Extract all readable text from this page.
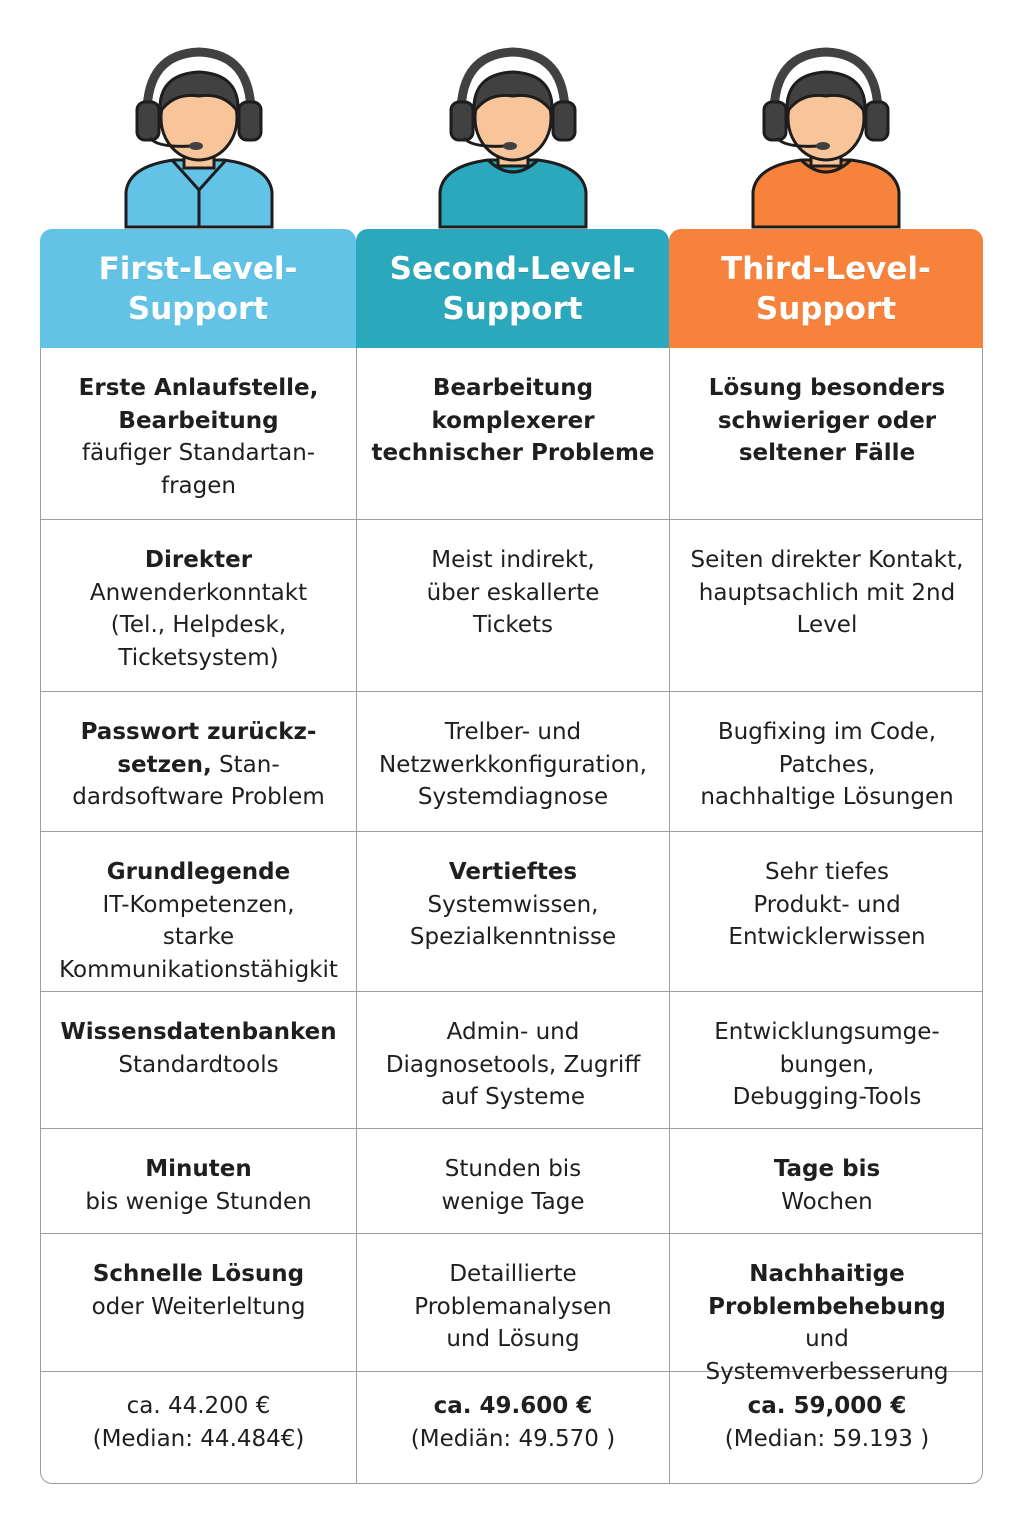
First-Level-
Support
Second-Level-
Support
Third-Level-
Support
Erste Anlaufstelle,
Bearbeitung
fäufiger Standartan-
fragen
Bearbeitung
komplexerer
technischer Probleme
Lösung besonders
schwieriger oder
seltener Fälle
Direkter
Anwenderkonntakt
(Tel., Helpdesk,
Ticketsystem)
Meist indirekt,
über eskallerte
Tickets
Seiten direkter Kontakt,
hauptsachlich mit 2nd
Level
Passwort zurückz-
setzen, Stan-
dardsoftware Problem
Trelber- und
Netzwerkkonfiguration,
Systemdiagnose
Bugfixing im Code,
Patches,
nachhaltige Lösungen
Grundlegende
IT-Kompetenzen,
starke
Kommunikationstähigkit
Vertieftes
Systemwissen,
Spezialkenntnisse
Sehr tiefes
Produkt- und
Entwicklerwissen
Wissensdatenbanken
Standardtools
Admin- und
Diagnosetools, Zugriff
auf Systeme
Entwicklungsumge-
bungen,
Debugging-Tools
Minuten
bis wenige Stunden
Stunden bis
wenige Tage
Tage bis
Wochen
Schnelle Lösung
oder Weiterleltung
Detaillierte
Problemanalysen
und Lösung
Nachhaitige
Problembehebung
und Systemverbesserung
ca. 44.200 €
(Median: 44.484€)
ca. 49.600 €
(Mediän: 49.570 )
ca. 59,000 €
(Median: 59.193 )
